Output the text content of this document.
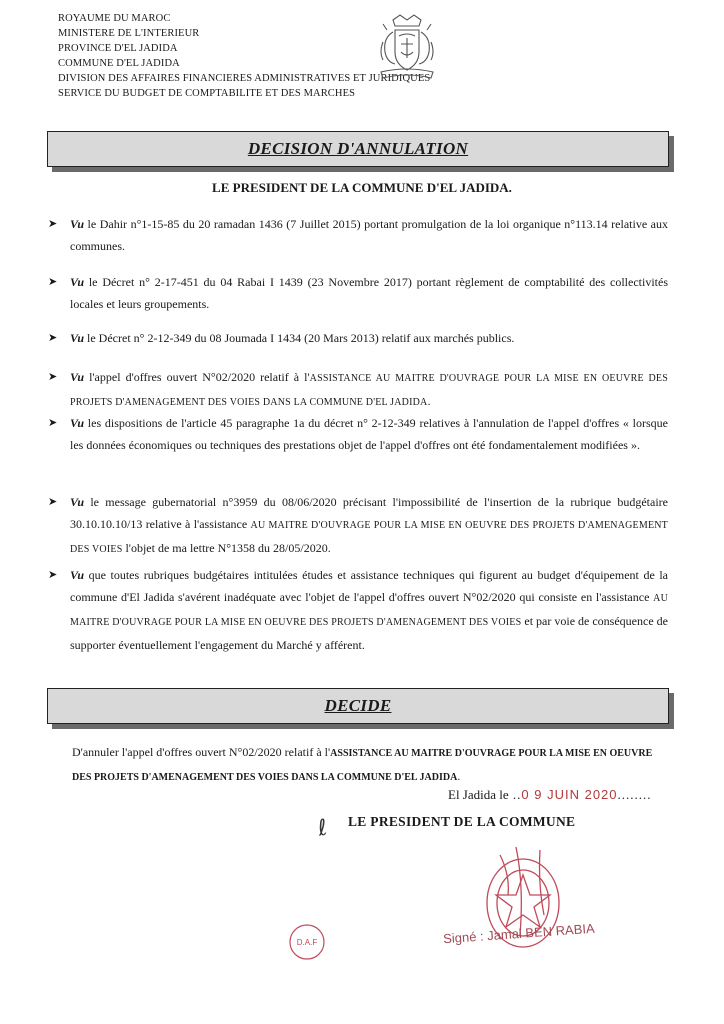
ROYAUME DU MAROC
MINISTERE DE L'INTERIEUR
PROVINCE D'EL JADIDA
COMMUNE D'EL JADIDA
DIVISION DES AFFAIRES FINANCIERES ADMINISTRATIVES ET JURIDIQUES
SERVICE DU BUDGET DE COMPTABILITE ET DES MARCHES
DECISION D'ANNULATION
LE PRESIDENT DE LA COMMUNE D'EL JADIDA.
➤ Vu le Dahir n°1-15-85 du 20 ramadan 1436 (7 Juillet 2015) portant promulgation de la loi organique n°113.14 relative aux communes.
➤ Vu le Décret n° 2-17-451 du 04 Rabai I 1439 (23 Novembre 2017) portant règlement de comptabilité des collectivités locales et leurs groupements.
➤ Vu le Décret n° 2-12-349 du 08 Joumada I 1434 (20 Mars 2013) relatif aux marchés publics.
➤ Vu l'appel d'offres ouvert N°02/2020 relatif à l'ASSISTANCE AU MAITRE D'OUVRAGE POUR LA MISE EN OEUVRE DES PROJETS D'AMENAGEMENT DES VOIES DANS LA COMMUNE D'EL JADIDA.
➤ Vu les dispositions de l'article 45 paragraphe 1a du décret n° 2-12-349 relatives à l'annulation de l'appel d'offres « lorsque les données économiques ou techniques des prestations objet de l'appel d'offres ont été fondamentalement modifiées ».
➤ Vu le message gubernatorial n°3959 du 08/06/2020 précisant l'impossibilité de l'insertion de la rubrique budgétaire 30.10.10.10/13 relative à l'assistance AU MAITRE D'OUVRAGE POUR LA MISE EN OEUVRE DES PROJETS D'AMENAGEMENT DES VOIES l'objet de ma lettre N°1358 du 28/05/2020.
➤ Vu que toutes rubriques budgétaires intitulées études et assistance techniques qui figurent au budget d'équipement de la commune d'El Jadida s'avérent inadéquate avec l'objet de l'appel d'offres ouvert N°02/2020 qui consiste en l'assistance AU MAITRE D'OUVRAGE POUR LA MISE EN OEUVRE DES PROJETS D'AMENAGEMENT DES VOIES et par voie de conséquence de supporter éventuellement l'engagement du Marché y afférent.
DECIDE
D'annuler l'appel d'offres ouvert N°02/2020 relatif à l'ASSISTANCE AU MAITRE D'OUVRAGE POUR LA MISE EN OEUVRE DES PROJETS D'AMENAGEMENT DES VOIES DANS LA COMMUNE D'EL JADIDA.
El Jadida le ..0 9 JUIN 2020........
ℓ LE PRESIDENT DE LA COMMUNE
D.A.F	Signé : Jamal BEN RABIA
